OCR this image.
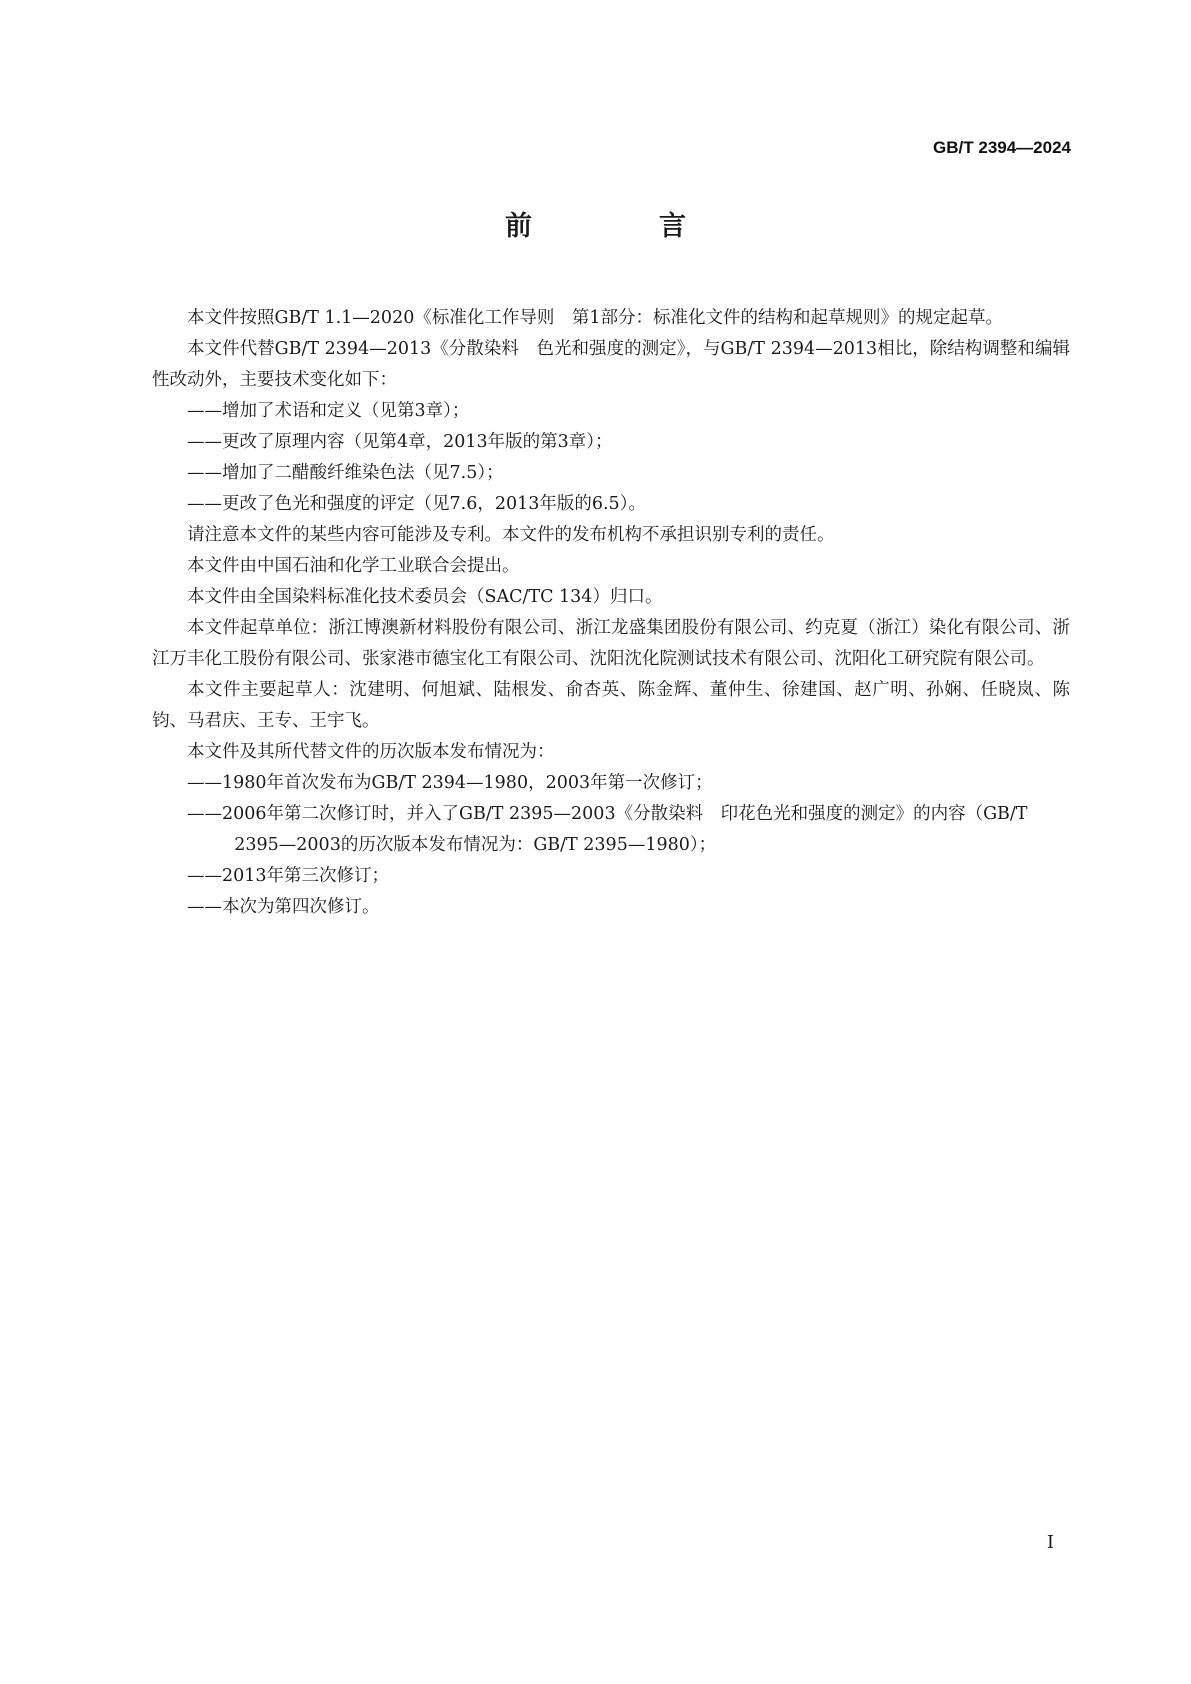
GB/T 2394—2024
前　言

本文件按照GB/T 1.1—2020《标准化工作导则　第1部分：标准化文件的结构和起草规则》的规定起草。

本文件代替GB/T 2394—2013《分散染料　色光和强度的测定》，与GB/T 2394—2013相比，除结构调整和编辑性改动外，主要技术变化如下：

——增加了术语和定义（见第3章）；

——更改了原理内容（见第4章，2013年版的第3章）；

——增加了二醋酸纤维染色法（见7.5）；

——更改了色光和强度的评定（见7.6，2013年版的6.5）。

请注意本文件的某些内容可能涉及专利。本文件的发布机构不承担识别专利的责任。

本文件由中国石油和化学工业联合会提出。

本文件由全国染料标准化技术委员会（SAC/TC 134）归口。

本文件起草单位：浙江博澳新材料股份有限公司、浙江龙盛集团股份有限公司、约克夏（浙江）染化有限公司、浙江万丰化工股份有限公司、张家港市德宝化工有限公司、沈阳沈化院测试技术有限公司、沈阳化工研究院有限公司。

本文件主要起草人：沈建明、何旭斌、陆根发、俞杏英、陈金辉、董仲生、徐建国、赵广明、孙娴、任晓岚、陈钧、马君庆、王专、王宇飞。

本文件及其所代替文件的历次版本发布情况为：

——1980年首次发布为GB/T 2394—1980，2003年第一次修订；

——2006年第二次修订时，并入了GB/T 2395—2003《分散染料　印花色光和强度的测定》的内容（GB/T 2395—2003的历次版本发布情况为：GB/T 2395—1980）；

——2013年第三次修订；

——本次为第四次修订。

I
